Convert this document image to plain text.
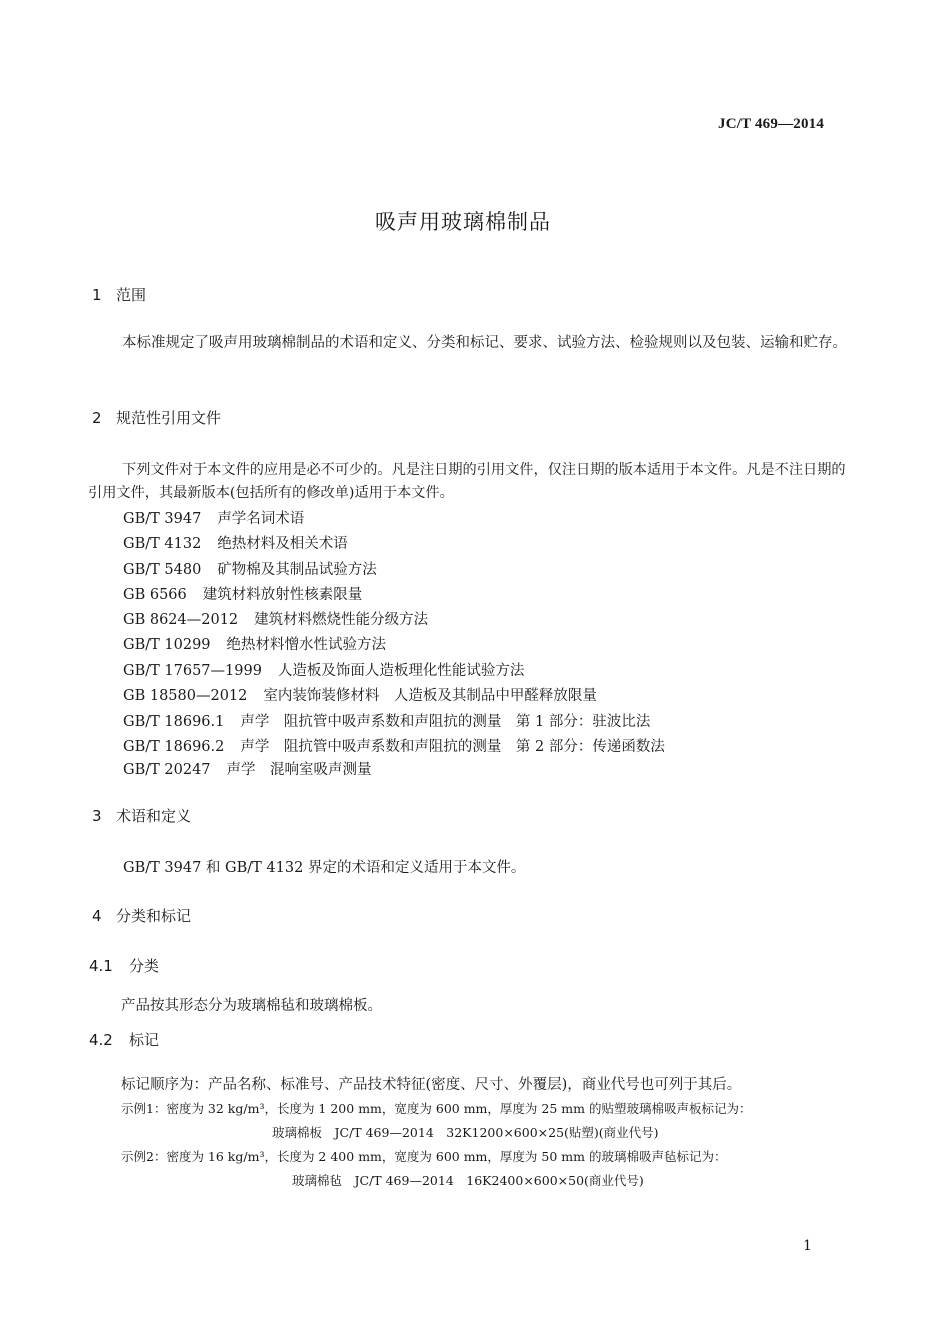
JC/T 469—2014
吸声用玻璃棉制品
1 范围
本标准规定了吸声用玻璃棉制品的术语和定义、分类和标记、要求、试验方法、检验规则以及包装、运输和贮存。
2 规范性引用文件
下列文件对于本文件的应用是必不可少的。凡是注日期的引用文件，仅注日期的版本适用于本文件。凡是不注日期的引用文件，其最新版本(包括所有的修改单)适用于本文件。
GB/T 3947 声学名词术语
GB/T 4132 绝热材料及相关术语
GB/T 5480 矿物棉及其制品试验方法
GB 6566 建筑材料放射性核素限量
GB 8624—2012 建筑材料燃烧性能分级方法
GB/T 10299 绝热材料憎水性试验方法
GB/T 17657—1999 人造板及饰面人造板理化性能试验方法
GB 18580—2012 室内装饰装修材料　人造板及其制品中甲醛释放限量
GB/T 18696.1 声学　阻抗管中吸声系数和声阻抗的测量　第 1 部分：驻波比法
GB/T 18696.2 声学　阻抗管中吸声系数和声阻抗的测量　第 2 部分：传递函数法
GB/T 20247 声学　混响室吸声测量
3 术语和定义
GB/T 3947 和 GB/T 4132 界定的术语和定义适用于本文件。
4 分类和标记
4.1 分类
产品按其形态分为玻璃棉毡和玻璃棉板。
4.2 标记
标记顺序为：产品名称、标准号、产品技术特征(密度、尺寸、外覆层)，商业代号也可列于其后。
示例1：密度为 32 kg/m³，长度为 1 200 mm，宽度为 600 mm，厚度为 25 mm 的贴塑玻璃棉吸声板标记为：
玻璃棉板　JC/T 469—2014　32K1200×600×25(贴塑)(商业代号)
示例2：密度为 16 kg/m³，长度为 2 400 mm，宽度为 600 mm，厚度为 50 mm 的玻璃棉吸声毡标记为：
玻璃棉毡　JC/T 469—2014　16K2400×600×50(商业代号)
1
